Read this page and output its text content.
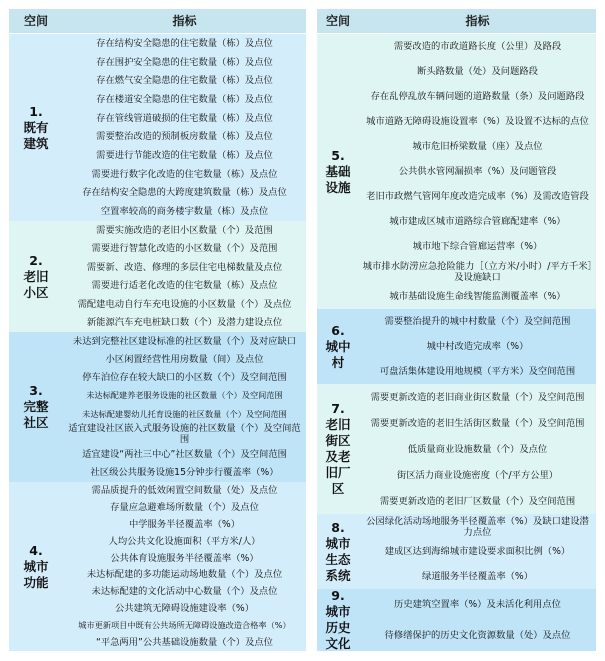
空间	指标
1.
既有
建筑
存在结构安全隐患的住宅数量（栋）及点位
存在围护安全隐患的住宅数量（栋）及点位
存在燃气安全隐患的住宅数量（栋）及点位
存在楼道安全隐患的住宅数量（栋）及点位
存在管线管道破损的住宅数量（栋）及点位
需要整治改造的预制板房数量（栋）及点位
需要进行节能改造的住宅数量（栋）及点位
需要进行数字化改造的住宅数量（栋）及点位
存在结构安全隐患的大跨度建筑数量（栋）及点位
空置率较高的商务楼宇数量（栋）及点位
2.
老旧
小区
需要实施改造的老旧小区数量（个）及范围
需要进行智慧化改造的小区数量（个）及范围
需要新、改造、修理的多层住宅电梯数量及点位
需要进行适老化改造的住宅数量（栋）及点位
需配建电动自行车充电设施的小区数量（个）及点位
新能源汽车充电桩缺口数（个）及潜力建设点位
3.
完整
社区
未达到完整社区建设标准的社区数量（个）及对应缺口
小区闲置经营性用房数量（间）及点位
停车泊位存在较大缺口的小区数（个）及空间范围
未达标配建养老服务设施的社区数量（个）及空间范围
未达标配建婴幼儿托育设施的社区数量（个）及空间范围
适宜建设社区嵌入式服务设施的社区数量（个）及空间范围
适宜建设“两社三中心”社区数量（个）及空间范围
社区级公共服务设施15分钟步行覆盖率（%）
4.
城市
功能
需品质提升的低效闲置空间数量（处）及点位
存量应急避难场所数量（个）及点位
中学服务半径覆盖率（%）
人均公共文化设施面积（平方米/人）
公共体育设施服务半径覆盖率（%）
未达标配建的多功能运动场地数量（个）及点位
未达标配建的文化活动中心数量（个）及点位
公共建筑无障碍设施建设率（%）
城市更新项目中既有公共场所无障碍设施改造合格率（%）
“平急两用”公共基础设施数量（个）及点位
空间	指标
5.
基础
设施
需要改造的市政道路长度（公里）及路段
断头路数量（处）及问题路段
存在乱停乱放车辆问题的道路数量（条）及问题路段
城市道路无障碍设施设置率（%）及设置不达标的点位
城市危旧桥梁数量（座）及点位
公共供水管网漏损率（%）及问题管段
老旧市政燃气管网年度改造完成率（%）及需改造管段
城市建成区城市道路综合管廊配建率（%）
城市地下综合管廊运营率（%）
城市排水防涝应急抢险能力［（立方米/小时）/平方千米］及设施缺口
城市基础设施生命线智能监测覆盖率（%）
6.
城中
村
需要整治提升的城中村数量（个）及空间范围
城中村改造完成率（%）
可盘活集体建设用地规模（平方米）及空间范围
7.
老旧
街区
及老
旧厂
区
需要更新改造的老旧商业街区数量（个）及空间范围
需要更新改造的老旧生活街区数量（个）及空间范围
低质量商业设施数量（个）及点位
街区活力商业设施密度（个/平方公里）
需要更新改造的老旧厂区数量（个）及空间范围
8.
城市
生态
系统
公园绿化活动场地服务半径覆盖率（%）及缺口建设潜力点位
建成区达到海绵城市建设要求面积比例（%）
绿道服务半径覆盖率（%）
9.
城市
历史
文化
历史建筑空置率（%）及未活化利用点位
待修缮保护的历史文化资源数量（处）及点位
